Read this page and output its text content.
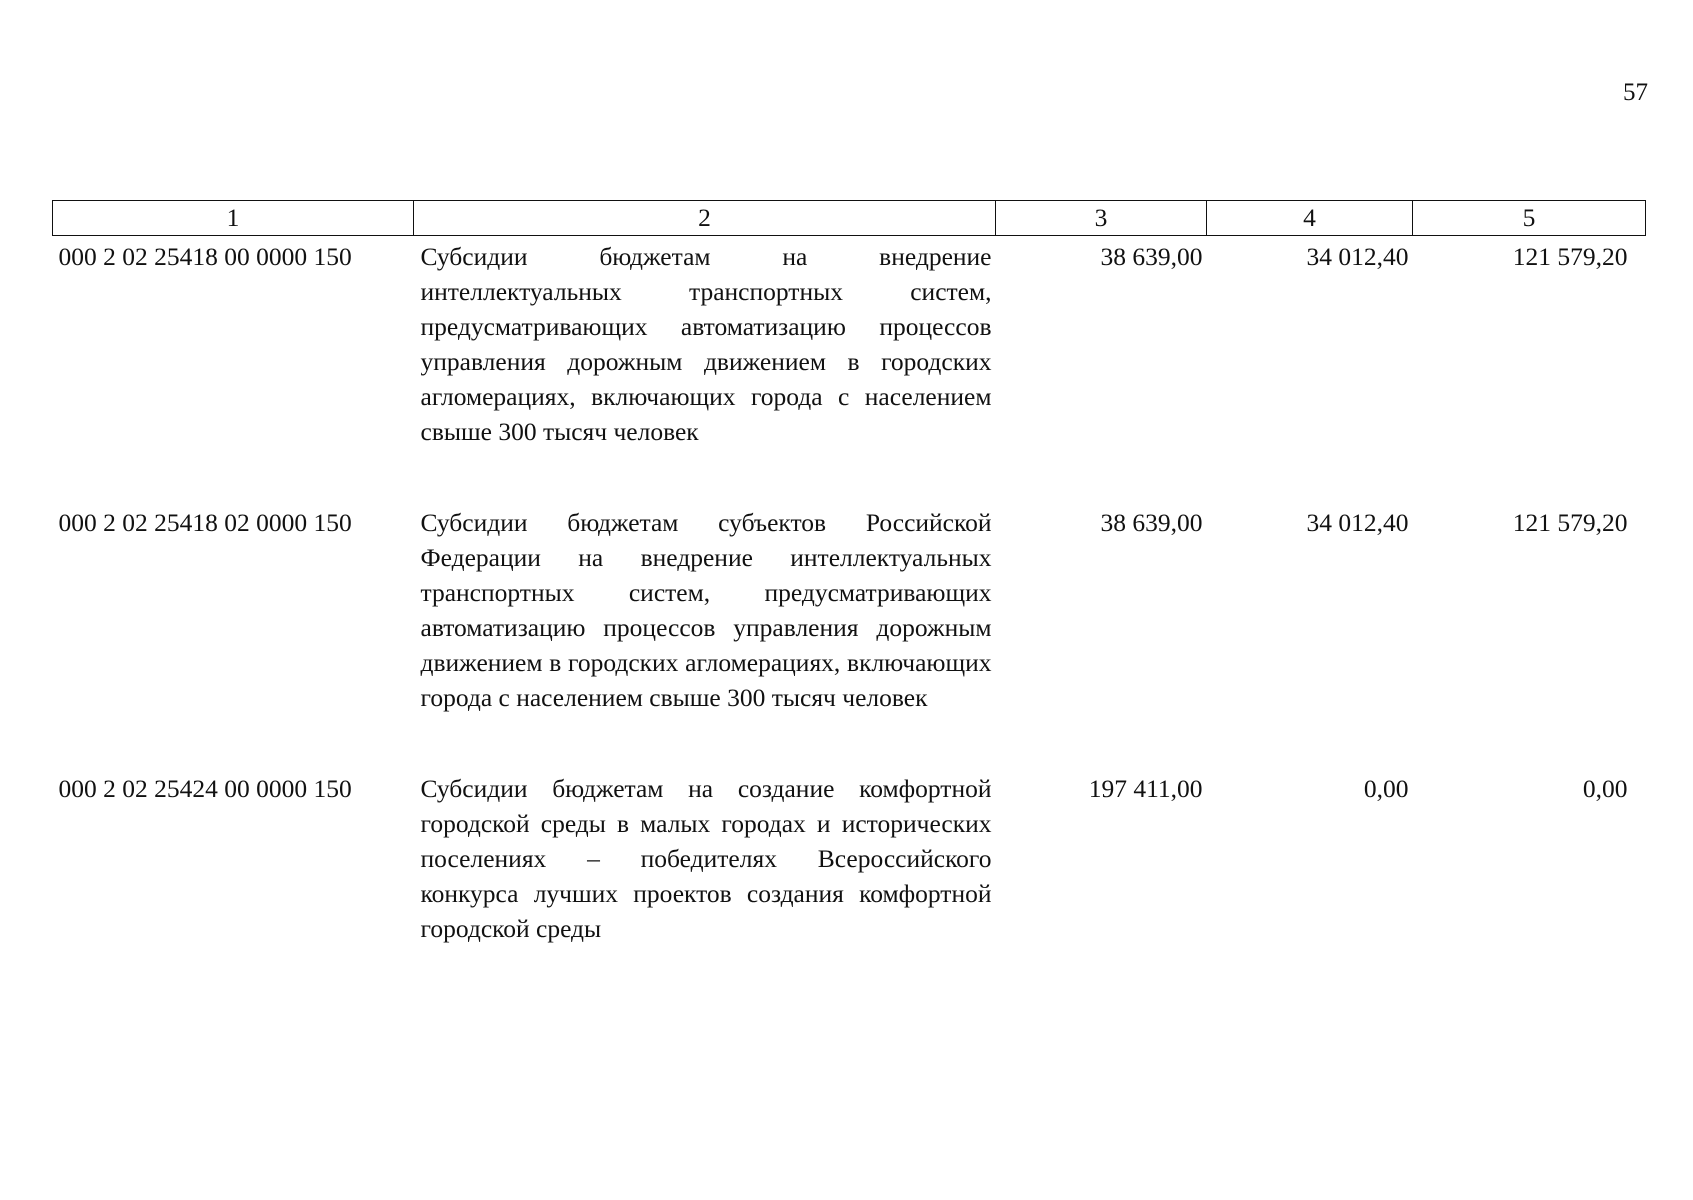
57
1	2	3	4	5
000 2 02 25418 00 0000 150	Субсидии бюджетам на внедрение интеллектуальных транспортных систем, предусматривающих автоматизацию процессов управления дорожным движением в городских агломерациях, включающих города с населением свыше 300 тысяч человек	38 639,00	34 012,40	121 579,20
000 2 02 25418 02 0000 150	Субсидии бюджетам субъектов Российской Федерации на внедрение интеллектуальных транспортных систем, предусматривающих автоматизацию процессов управления дорожным движением в городских агломерациях, включающих города с населением свыше 300 тысяч человек	38 639,00	34 012,40	121 579,20
000 2 02 25424 00 0000 150	Субсидии бюджетам на создание комфортной городской среды в малых городах и исторических поселениях – победителях Всероссийского конкурса лучших проектов создания комфортной городской среды	197 411,00	0,00	0,00
